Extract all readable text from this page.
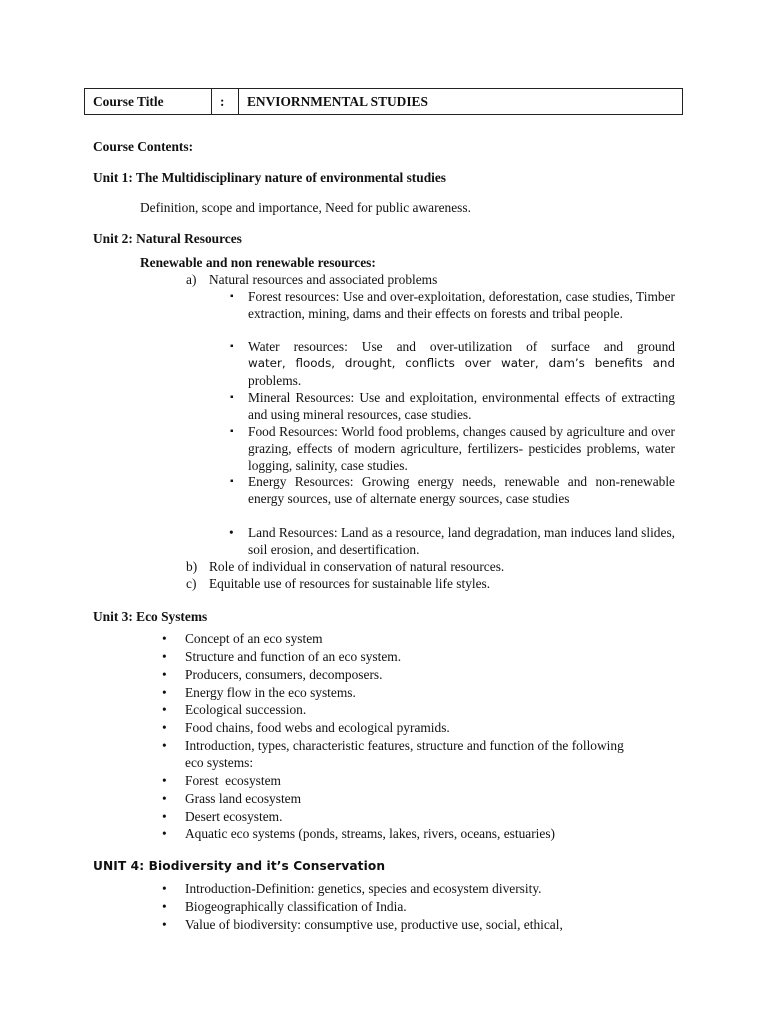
Course Title	:	ENVIORNMENTAL STUDIES
Course Contents:
Unit 1: The Multidisciplinary nature of environmental studies
Definition, scope and importance, Need for public awareness.
Unit 2: Natural Resources
Renewable and non renewable resources:
a) Natural resources and associated problems
▪ Forest resources: Use and over-exploitation, deforestation, case studies, Timber extraction, mining, dams and their effects on forests and tribal people.
▪ Water resources: Use and over-utilization of surface and ground
water, floods, drought, conflicts over water, dam’s benefits and
problems.
▪ Mineral Resources: Use and exploitation, environmental effects of extracting and using mineral resources, case studies.
▪ Food Resources: World food problems, changes caused by agriculture and over grazing, effects of modern agriculture, fertilizers- pesticides problems, water logging, salinity, case studies.
▪ Energy Resources: Growing energy needs, renewable and non-renewable energy sources, use of alternate energy sources, case studies
• Land Resources: Land as a resource, land degradation, man induces land slides, soil erosion, and desertification.
b) Role of individual in conservation of natural resources.
c) Equitable use of resources for sustainable life styles.
Unit 3: Eco Systems
• Concept of an eco system
• Structure and function of an eco system.
• Producers, consumers, decomposers.
• Energy flow in the eco systems.
• Ecological succession.
• Food chains, food webs and ecological pyramids.
• Introduction, types, characteristic features, structure and function of the following eco systems:
• Forest  ecosystem
• Grass land ecosystem
• Desert ecosystem.
• Aquatic eco systems (ponds, streams, lakes, rivers, oceans, estuaries)
UNIT 4: Biodiversity and it’s Conservation
• Introduction-Definition: genetics, species and ecosystem diversity.
• Biogeographically classification of India.
• Value of biodiversity: consumptive use, productive use, social, ethical,
